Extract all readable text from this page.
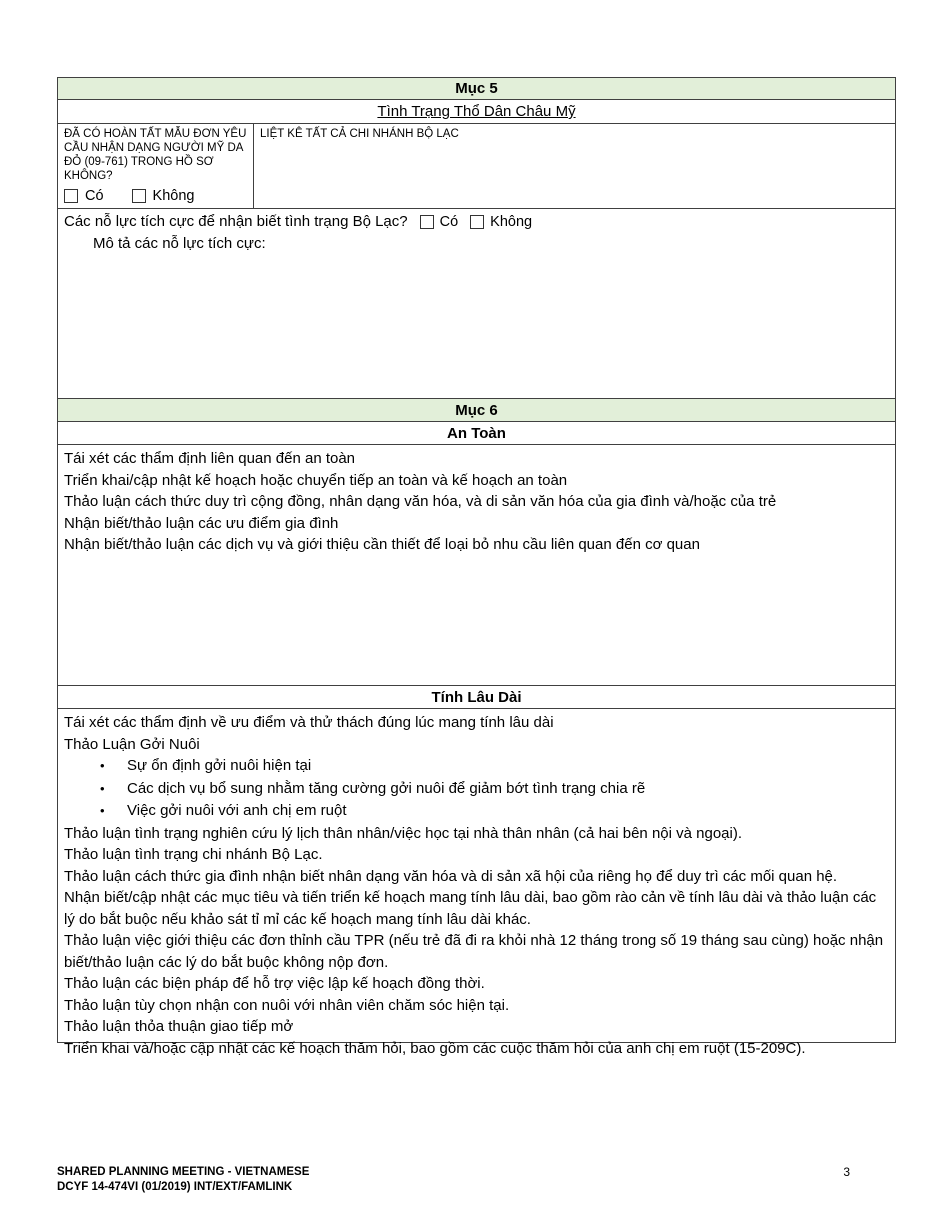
Mục 5
Tình Trạng Thổ Dân Châu Mỹ
ĐÃ CÓ HOÀN TẤT MẪU ĐƠN YÊU CẦU NHẬN DẠNG NGƯỜI MỸ DA ĐỎ (09-761) TRONG HỒ SƠ KHÔNG?
Có	Không
LIỆT KÊ TẤT CẢ CHI NHÁNH BỘ LẠC
Các nỗ lực tích cực để nhận biết tình trạng Bộ Lạc? Có Không
Mô tả các nỗ lực tích cực:
Mục 6
An Toàn
Tái xét các thẩm định liên quan đến an toàn
Triển khai/cập nhật kế hoạch hoặc chuyển tiếp an toàn và kế hoạch an toàn
Thảo luận cách thức duy trì cộng đồng, nhân dạng văn hóa, và di sản văn hóa của gia đình và/hoặc của trẻ
Nhận biết/thảo luận các ưu điểm gia đình
Nhận biết/thảo luận các dịch vụ và giới thiệu cần thiết để loại bỏ nhu cầu liên quan đến cơ quan
Tính Lâu Dài
Tái xét các thẩm định về ưu điểm và thử thách đúng lúc mang tính lâu dài
Thảo Luận Gởi Nuôi
• Sự ổn định gởi nuôi hiện tại
• Các dịch vụ bổ sung nhằm tăng cường gởi nuôi để giảm bớt tình trạng chia rẽ
• Việc gởi nuôi với anh chị em ruột
Thảo luận tình trạng nghiên cứu lý lịch thân nhân/việc học tại nhà thân nhân (cả hai bên nội và ngoại).
Thảo luận tình trạng chi nhánh Bộ Lạc.
Thảo luận cách thức gia đình nhận biết nhân dạng văn hóa và di sản xã hội của riêng họ để duy trì các mối quan hệ.
Nhận biết/cập nhật các mục tiêu và tiến triển kế hoạch mang tính lâu dài, bao gồm rào cản về tính lâu dài và thảo luận các lý do bắt buộc nếu khảo sát tỉ mỉ các kế hoạch mang tính lâu dài khác.
Thảo luận việc giới thiệu các đơn thỉnh cầu TPR (nếu trẻ đã đi ra khỏi nhà 12 tháng trong số 19 tháng sau cùng) hoặc nhận biết/thảo luận các lý do bắt buộc không nộp đơn.
Thảo luận các biện pháp để hỗ trợ việc lập kế hoạch đồng thời.
Thảo luận tùy chọn nhận con nuôi với nhân viên chăm sóc hiện tại.
Thảo luận thỏa thuận giao tiếp mở
Triển khai và/hoặc cập nhật các kế hoạch thăm hỏi, bao gồm các cuộc thăm hỏi của anh chị em ruột (15-209C).
SHARED PLANNING MEETING - VIETNAMESE
DCYF 14-474VI (01/2019) INT/EXT/FAMLINK
3
